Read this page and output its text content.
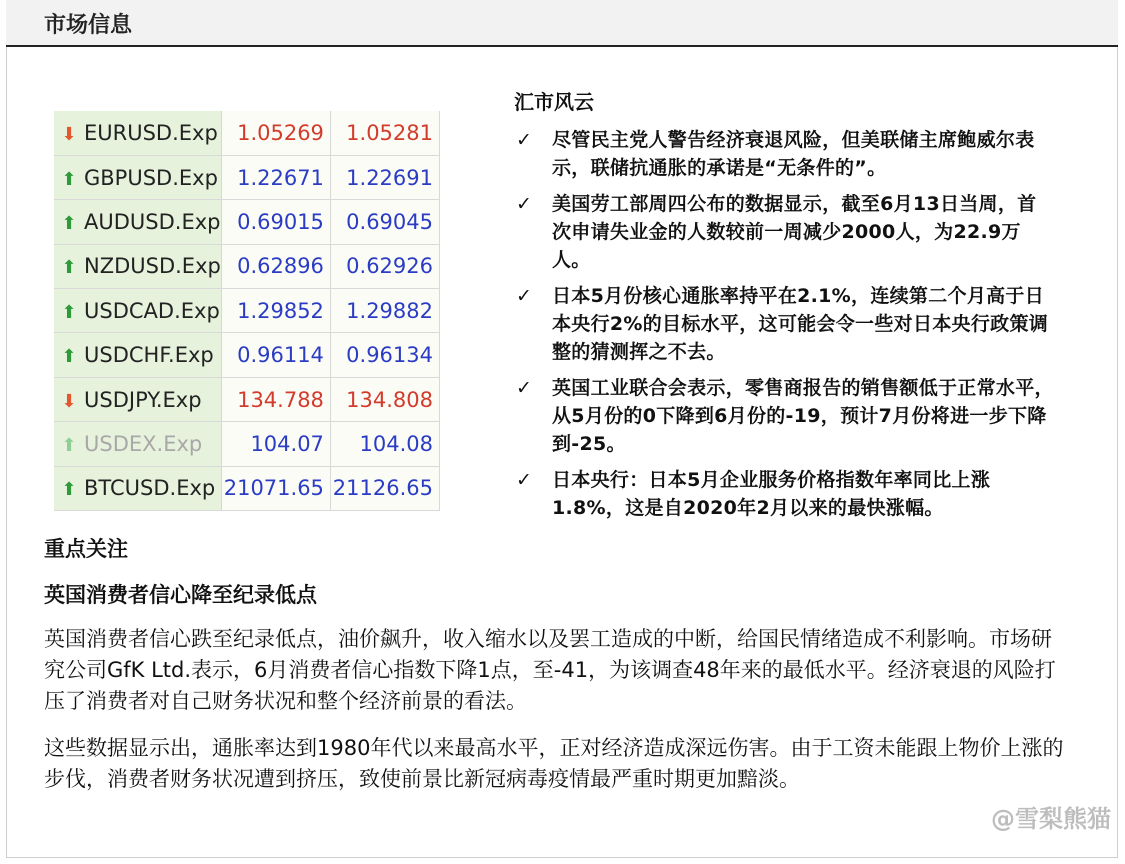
市场信息
⬇ EURUSD.Exp	1.05269	1.05281
⬆ GBPUSD.Exp	1.22671	1.22691
⬆ AUDUSD.Exp	0.69015	0.69045
⬆ NZDUSD.Exp	0.62896	0.62926
⬆ USDCAD.Exp	1.29852	1.29882
⬆ USDCHF.Exp	0.96114	0.96134
⬇ USDJPY.Exp	134.788	134.808
⬆ USDEX.Exp	104.07	104.08
⬆ BTCUSD.Exp	21071.65	21126.65
汇市风云
✓ 尽管民主党人警告经济衰退风险，但美联储主席鲍威尔表示，联储抗通胀的承诺是“无条件的”。
✓ 美国劳工部周四公布的数据显示，截至6月13日当周，首次申请失业金的人数较前一周减少2000人，为22.9万人。
✓ 日本5月份核心通胀率持平在2.1%，连续第二个月高于日本央行2%的目标水平，这可能会令一些对日本央行政策调整的猜测挥之不去。
✓ 英国工业联合会表示，零售商报告的销售额低于正常水平，从5月份的0下降到6月份的-19，预计7月份将进一步下降到-25。
✓ 日本央行：日本5月企业服务价格指数年率同比上涨1.8%，这是自2020年2月以来的最快涨幅。
重点关注
英国消费者信心降至纪录低点

英国消费者信心跌至纪录低点，油价飙升，收入缩水以及罢工造成的中断，给国民情绪造成不利影响。市场研究公司GfK Ltd.表示，6月消费者信心指数下降1点，至-41，为该调查48年来的最低水平。经济衰退的风险打压了消费者对自己财务状况和整个经济前景的看法。

这些数据显示出，通胀率达到1980年代以来最高水平，正对经济造成深远伤害。由于工资未能跟上物价上涨的步伐，消费者财务状况遭到挤压，致使前景比新冠病毒疫情最严重时期更加黯淡。

@雪梨熊猫
